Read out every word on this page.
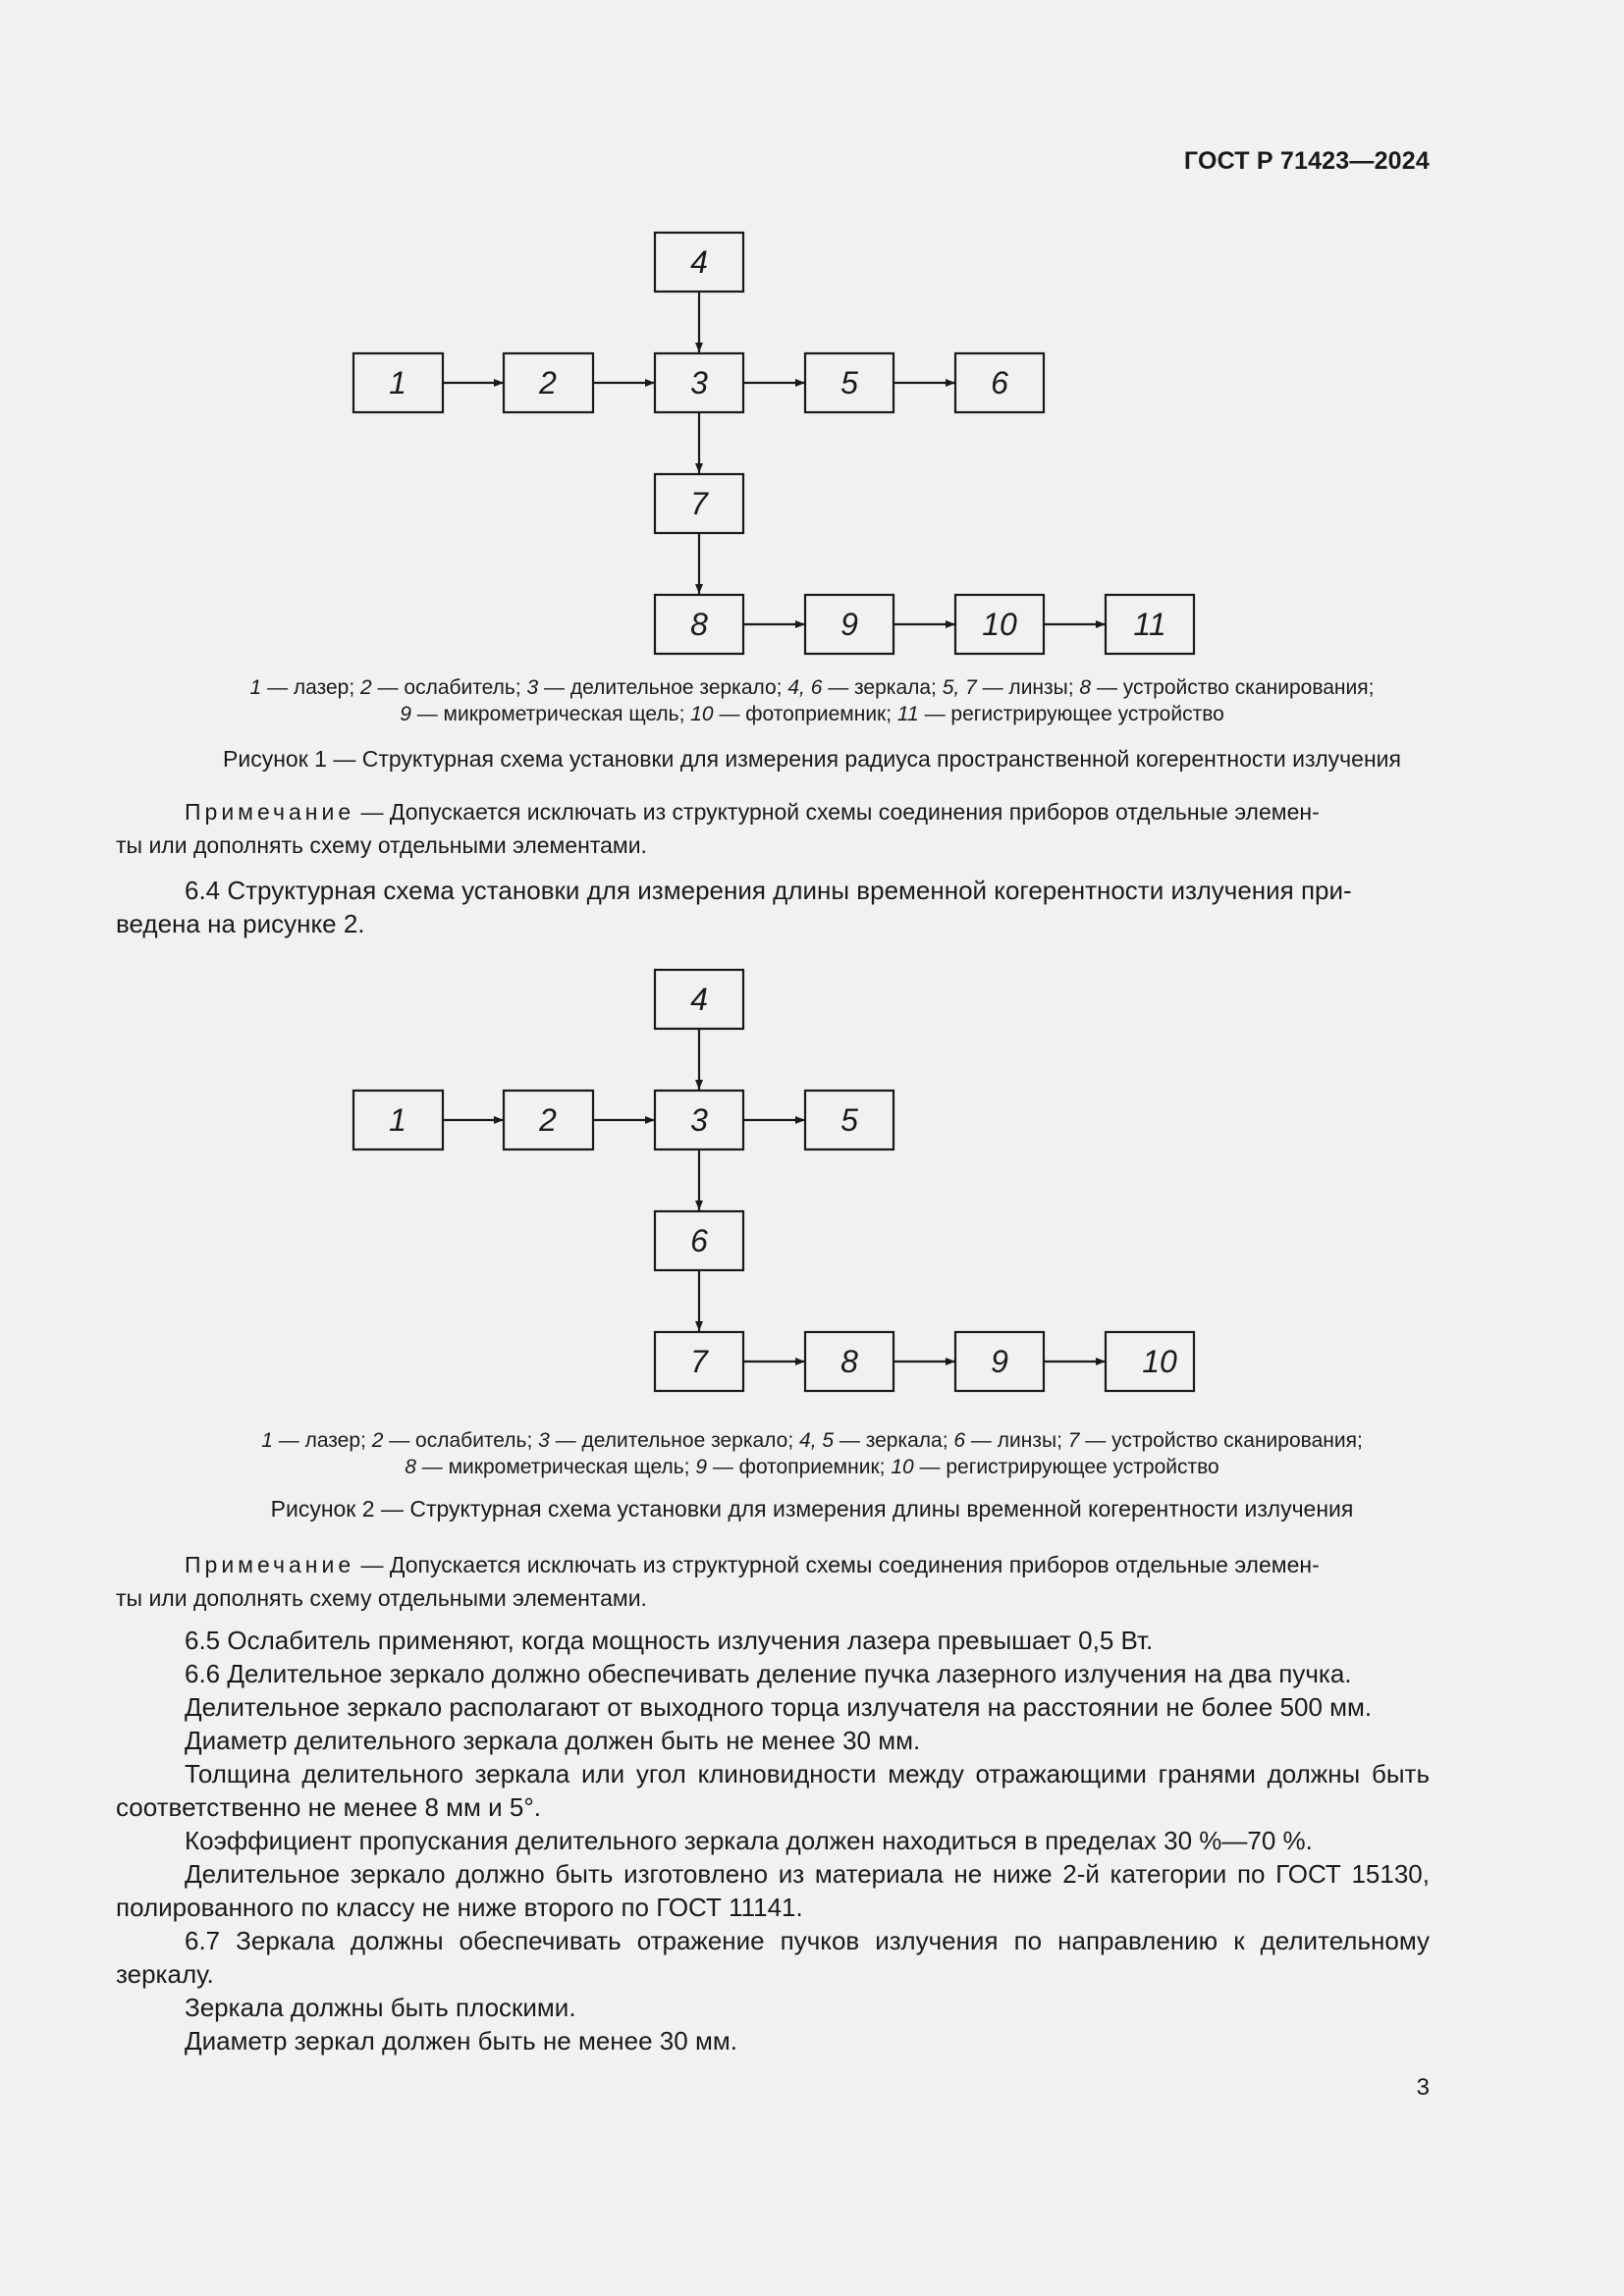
ГОСТ Р 71423—2024
1	2	3
4
5	6
7
8	9	10	11
1 — лазер; 2 — ослабитель; 3 — делительное зеркало; 4, 6 — зеркала; 5, 7 — линзы; 8 — устройство сканирования;
9 — микрометрическая щель; 10 — фотоприемник; 11 — регистрирующее устройство
Рисунок 1 — Структурная схема установки для измерения радиуса пространственной когерентности излучения
Примечание — Допускается исключать из структурной схемы соединения приборов отдельные элемен-
ты или дополнять схему отдельными элементами.
6.4 Структурная схема установки для измерения длины временной когерентности излучения при-
ведена на рисунке 2.
1	2	3
4
5
6
7	8	9	10
1 — лазер; 2 — ослабитель; 3 — делительное зеркало; 4, 5 — зеркала; 6 — линзы; 7 — устройство сканирования;
8 — микрометрическая щель; 9 — фотоприемник; 10 — регистрирующее устройство
Рисунок 2 — Структурная схема установки для измерения длины временной когерентности излучения
Примечание — Допускается исключать из структурной схемы соединения приборов отдельные элемен-
ты или дополнять схему отдельными элементами.

6.5 Ослабитель применяют, когда мощность излучения лазера превышает 0,5 Вт.

6.6 Делительное зеркало должно обеспечивать деление пучка лазерного излучения на два пучка.

Делительное зеркало располагают от выходного торца излучателя на расстоянии не более 500 мм.

Диаметр делительного зеркала должен быть не менее 30 мм.

Толщина делительного зеркала или угол клиновидности между отражающими гранями должны быть соответственно не менее 8 мм и 5°.

Коэффициент пропускания делительного зеркала должен находиться в пределах 30 %—70 %.

Делительное зеркало должно быть изготовлено из материала не ниже 2-й категории по ГОСТ 15130, полированного по классу не ниже второго по ГОСТ 11141.

6.7 Зеркала должны обеспечивать отражение пучков излучения по направлению к делительному зеркалу.

Зеркала должны быть плоскими.

Диаметр зеркал должен быть не менее 30 мм.

3
